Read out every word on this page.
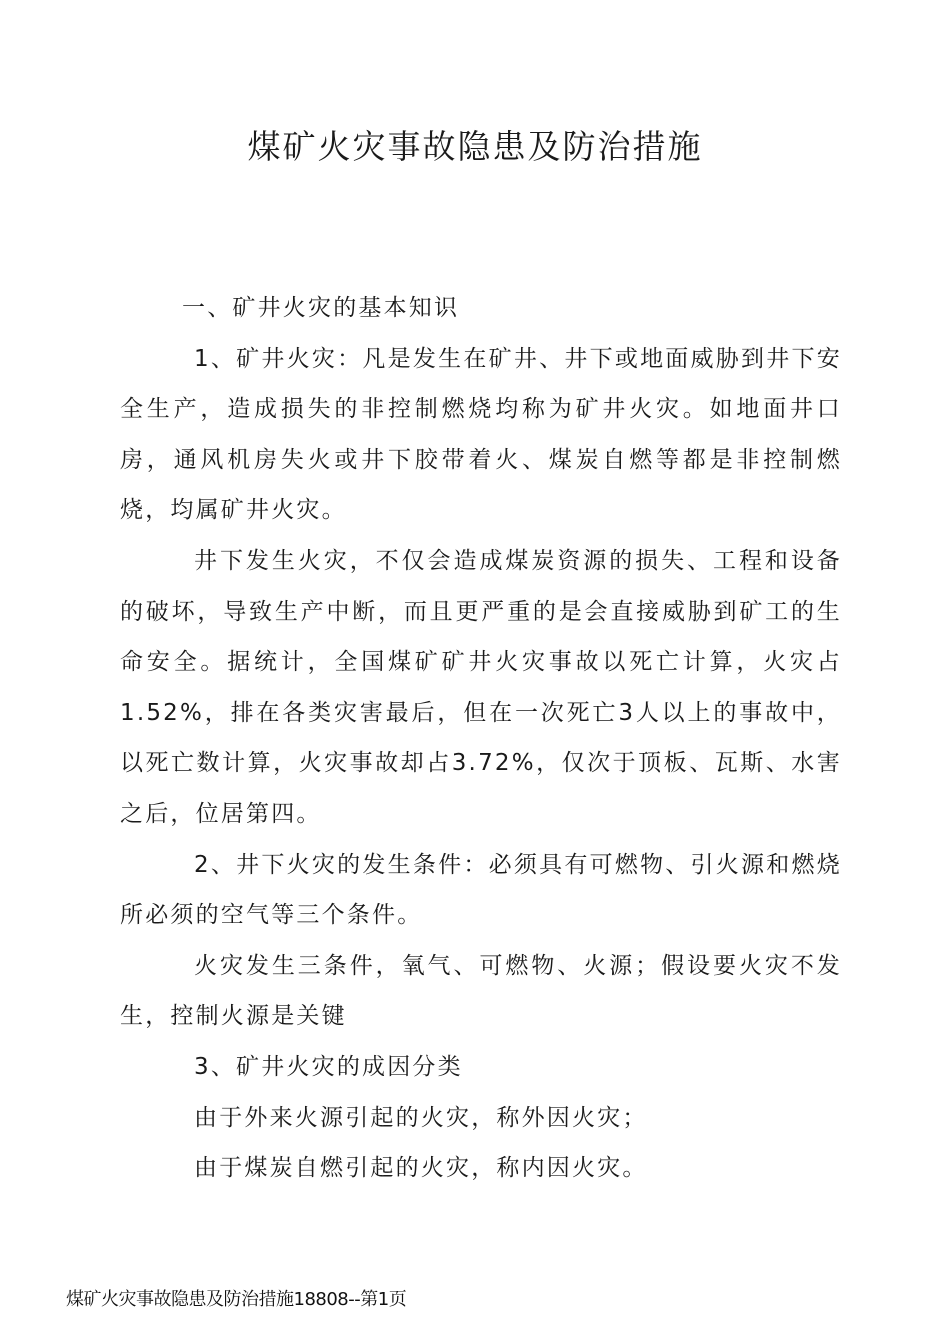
煤矿火灾事故隐患及防治措施

一、矿井火灾的基本知识

1、矿井火灾：凡是发生在矿井、井下或地面威胁到井下安全生产，造成损失的非控制燃烧均称为矿井火灾。如地面井口房，通风机房失火或井下胶带着火、煤炭自燃等都是非控制燃烧，均属矿井火灾。

井下发生火灾，不仅会造成煤炭资源的损失、工程和设备的破坏，导致生产中断，而且更严重的是会直接威胁到矿工的生命安全。据统计，全国煤矿矿井火灾事故以死亡计算，火灾占1.52%，排在各类灾害最后，但在一次死亡3人以上的事故中，以死亡数计算，火灾事故却占3.72%，仅次于顶板、瓦斯、水害之后，位居第四。

2、井下火灾的发生条件：必须具有可燃物、引火源和燃烧所必须的空气等三个条件。

火灾发生三条件，氧气、可燃物、火源；假设要火灾不发生，控制火源是关键

3、矿井火灾的成因分类

由于外来火源引起的火灾，称外因火灾；

由于煤炭自燃引起的火灾，称内因火灾。

煤矿火灾事故隐患及防治措施18808--第1页
